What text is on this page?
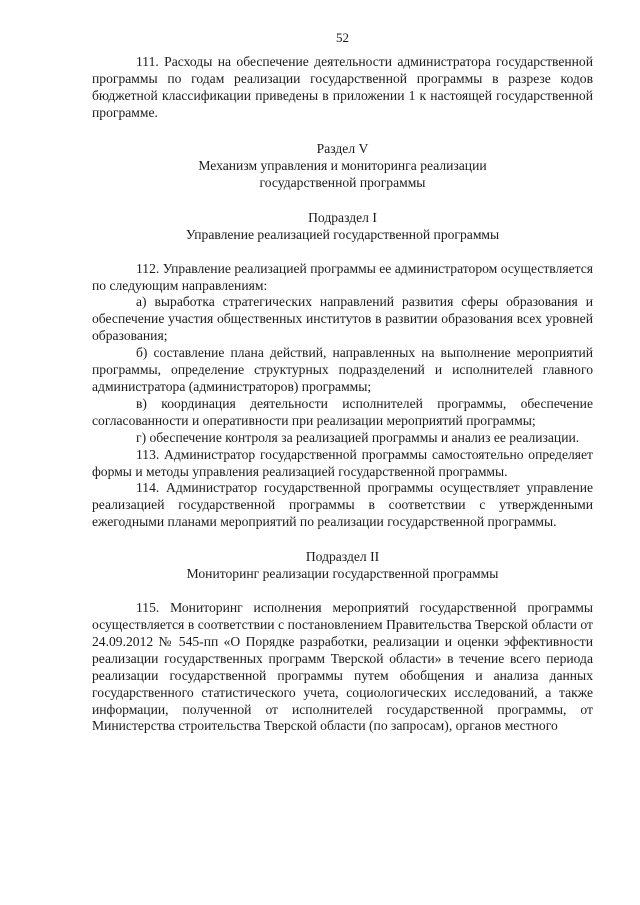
52

111. Расходы на обеспечение деятельности администратора государственной программы по годам реализации государственной программы в разрезе кодов бюджетной классификации приведены в приложении 1 к настоящей государственной программе.

Раздел V

Механизм управления и мониторинга реализации

государственной программы

Подраздел I

Управление реализацией государственной программы

112. Управление реализацией программы ее администратором осуществляется по следующим направлениям:

а) выработка стратегических направлений развития сферы образования и обеспечение участия общественных институтов в развитии образования всех уровней образования;

б) составление плана действий, направленных на выполнение мероприятий программы, определение структурных подразделений и исполнителей главного администратора (администраторов) программы;

в) координация деятельности исполнителей программы, обеспечение согласованности и оперативности при реализации мероприятий программы;

г) обеспечение контроля за реализацией программы и анализ ее реализации.

113. Администратор государственной программы самостоятельно определяет формы и методы управления реализацией государственной программы.

114. Администратор государственной программы осуществляет управление реализацией государственной программы в соответствии с утвержденными ежегодными планами мероприятий по реализации государственной программы.

Подраздел II

Мониторинг реализации государственной программы

115. Мониторинг исполнения мероприятий государственной программы осуществляется в соответствии с постановлением Правительства Тверской области от 24.09.2012 № 545-пп «О Порядке разработки, реализации и оценки эффективности реализации государственных программ Тверской области» в течение всего периода реализации государственной программы путем обобщения и анализа данных государственного статистического учета, социологических исследований, а также информации, полученной от исполнителей государственной программы, от Министерства строительства Тверской области (по запросам), органов местного
